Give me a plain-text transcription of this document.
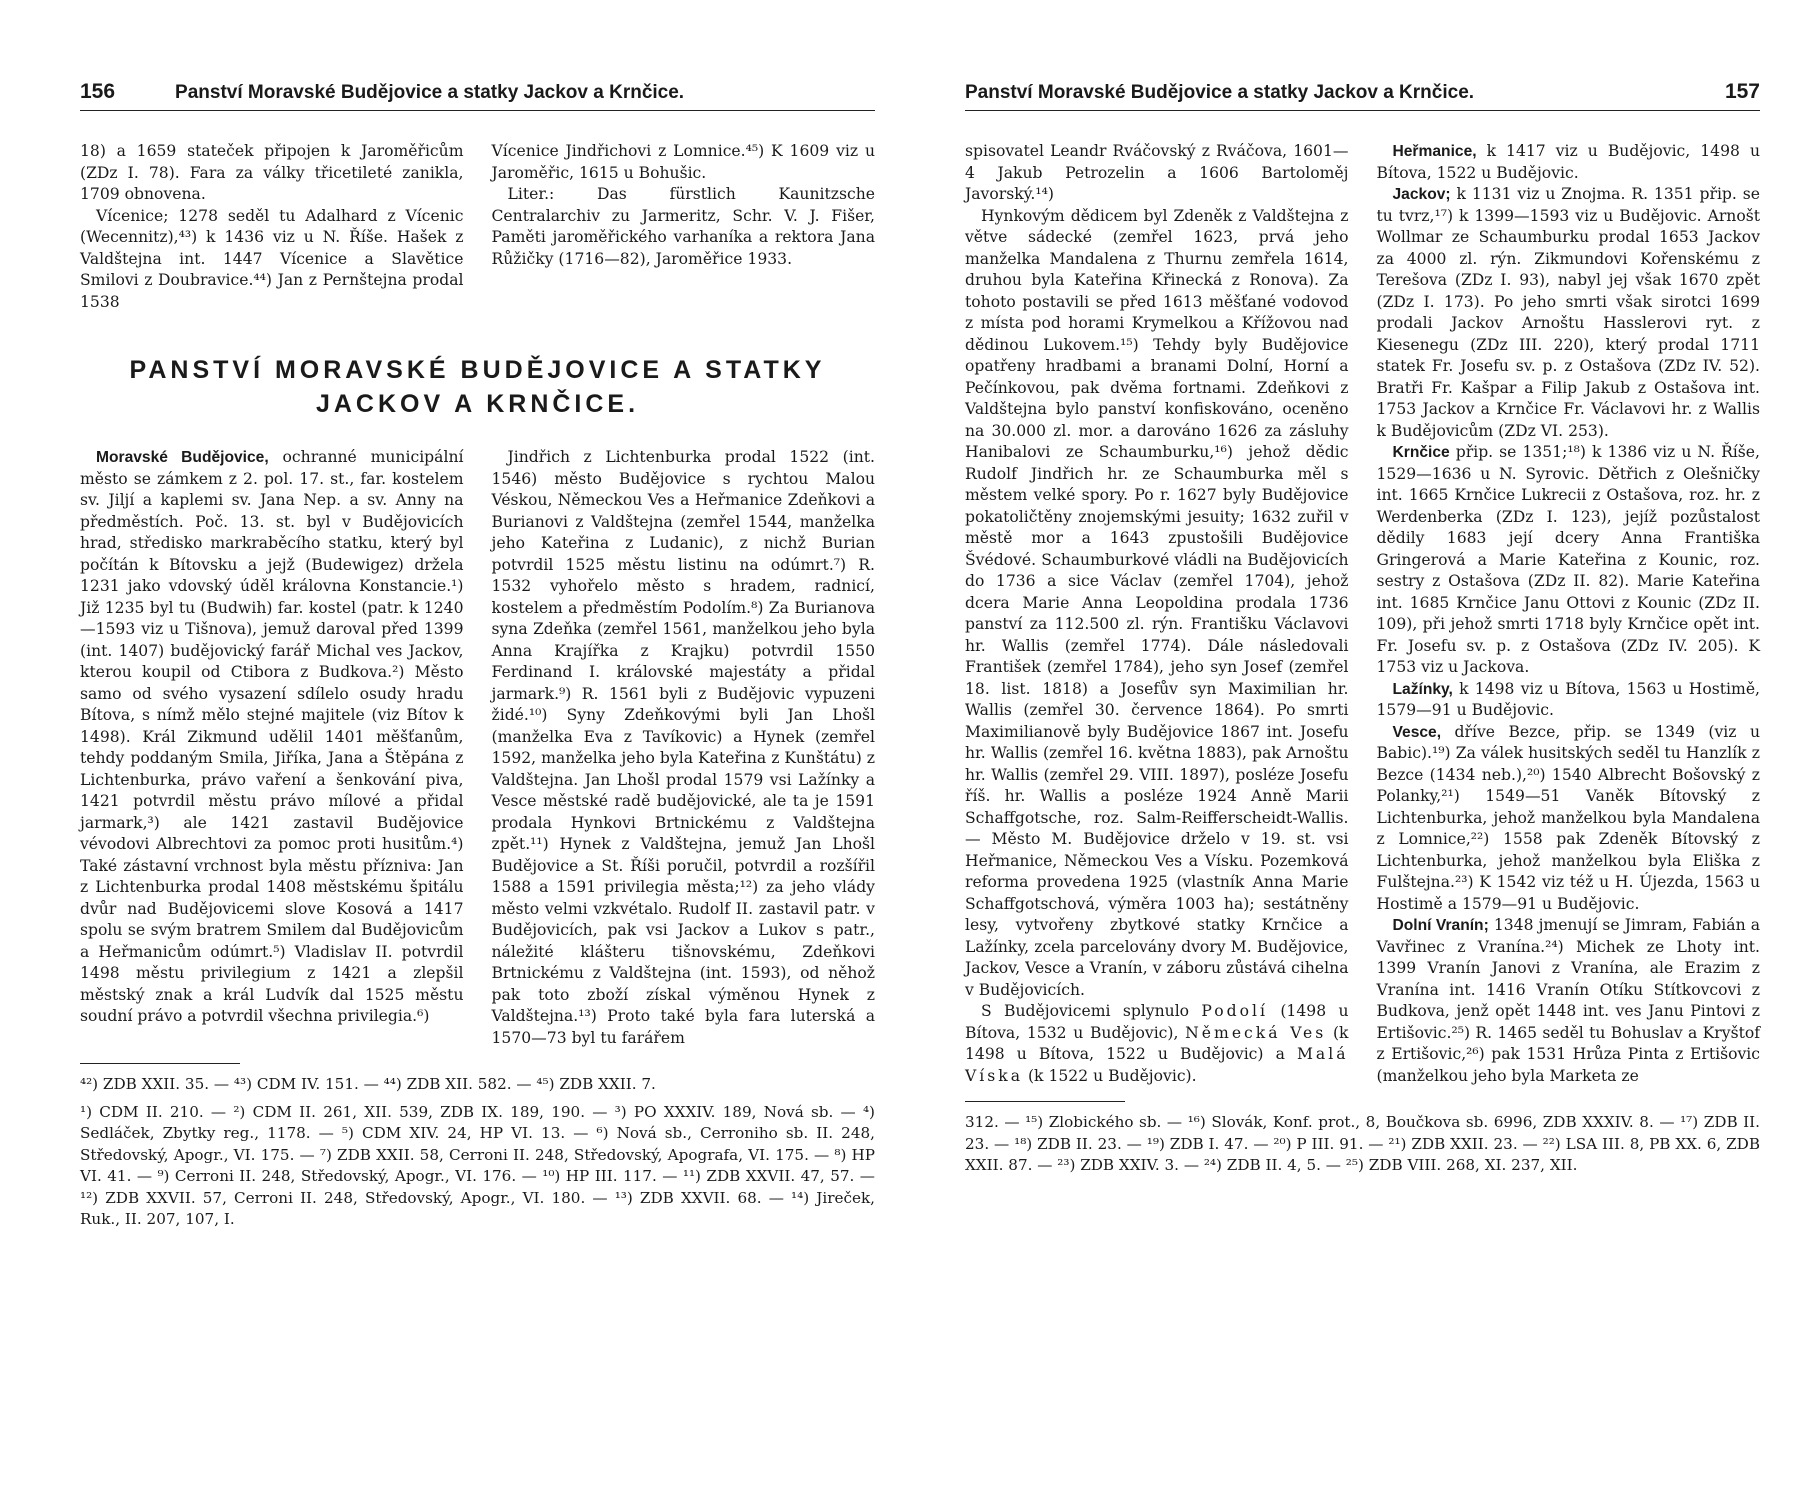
156	Panství Moravské Budějovice a statky Jackov a Krnčice.

18) a 1659 stateček připojen k Jaroměřicům (ZDz I. 78). Fara za války třicetileté zanikla, 1709 obnovena.

Vícenice; 1278 seděl tu Adalhard z Vícenic (Wecennitz),⁴³) k 1436 viz u N. Říše. Hašek z Valdštejna int. 1447 Vícenice a Slavětice Smilovi z Doubravice.⁴⁴) Jan z Pernštejna prodal 1538

Vícenice Jindřichovi z Lomnice.⁴⁵) K 1609 viz u Jaroměřic, 1615 u Bohušic.

Liter.: Das fürstlich Kaunitzsche Centralarchiv zu Jarmeritz, Schr. V. J. Fišer, Paměti jaroměřického varhaníka a rektora Jana Růžičky (1716—82), Jaroměřice 1933.

PANSTVÍ MORAVSKÉ BUDĚJOVICE A STATKY
JACKOV A KRNČICE.

Moravské Budějovice, ochranné municipální město se zámkem z 2. pol. 17. st., far. kostelem sv. Jiljí a kaplemi sv. Jana Nep. a sv. Anny na předměstích. Poč. 13. st. byl v Budějovicích hrad, středisko markraběcího statku, který byl počítán k Bítovsku a jejž (Budewigez) držela 1231 jako vdovský úděl královna Konstancie.¹) Již 1235 byl tu (Budwih) far. kostel (patr. k 1240—1593 viz u Tišnova), jemuž daroval před 1399 (int. 1407) budějovický farář Michal ves Jackov, kterou koupil od Ctibora z Budkova.²) Město samo od svého vysazení sdílelo osudy hradu Bítova, s nímž mělo stejné majitele (viz Bítov k 1498). Král Zikmund udělil 1401 měšťanům, tehdy poddaným Smila, Jiříka, Jana a Štěpána z Lichtenburka, právo vaření a šenkování piva, 1421 potvrdil městu právo mílové a přidal jarmark,³) ale 1421 zastavil Budějovice vévodovi Albrechtovi za pomoc proti husitům.⁴) Také zástavní vrchnost byla městu příznivа: Jan z Lichtenburka prodal 1408 městskému špitálu dvůr nad Budějovicemi slove Kosová a 1417 spolu se svým bratrem Smilem dal Budějovicům a Heřmanicům odúmrt.⁵) Vladislav II. potvrdil 1498 městu privilegium z 1421 a zlepšil městský znak a král Ludvík dal 1525 městu soudní právo a potvrdil všechna privilegia.⁶)

Jindřich z Lichtenburka prodal 1522 (int. 1546) město Budějovice s rychtou Malou Véskou, Německou Ves a Heřmanice Zdeňkovi a Burianovi z Valdštejna (zemřel 1544, manželka jeho Kateřina z Ludanic), z nichž Burian potvrdil 1525 městu listinu na odúmrt.⁷) R. 1532 vyhořelo město s hradem, radnicí, kostelem a předměstím Podolím.⁸) Za Burianova syna Zdeňka (zemřel 1561, manželkou jeho byla Anna Krajířka z Krajku) potvrdil 1550 Ferdinand I. královské majestáty a přidal jarmark.⁹) R. 1561 byli z Budějovic vypuzeni židé.¹⁰) Syny Zdeňkovými byli Jan Lhošl (manželka Eva z Tavíkovic) a Hynek (zemřel 1592, manželka jeho byla Kateřina z Kunštátu) z Valdštejna. Jan Lhošl prodal 1579 vsi Lažínky a Vesce městské radě budějovické, ale ta je 1591 prodala Hynkovi Brtnickému z Valdštejna zpět.¹¹) Hynek z Valdštejna, jemuž Jan Lhošl Budějovice a St. Říši poručil, potvrdil a rozšířil 1588 a 1591 privilegia města;¹²) za jeho vlády město velmi vzkvétalo. Rudolf II. zastavil patr. v Budějovicích, pak vsi Jackov a Lukov s patr., náležité klášteru tišnovskému, Zdeňkovi Brtnickému z Valdštejna (int. 1593), od něhož pak toto zboží získal výměnou Hynek z Valdštejna.¹³) Proto také byla fara luterská a 1570—73 byl tu farářem

⁴²) ZDB XXII. 35. — ⁴³) CDM IV. 151. — ⁴⁴) ZDB XII. 582. — ⁴⁵) ZDB XXII. 7.

¹) CDM II. 210. — ²) CDM II. 261, XII. 539, ZDB IX. 189, 190. — ³) PO XXXIV. 189, Nová sb. — ⁴) Sedláček, Zbytky reg., 1178. — ⁵) CDM XIV. 24, HP VI. 13. — ⁶) Nová sb., Cerroniho sb. II. 248, Středovský, Apogr., VI. 175. — ⁷) ZDB XXII. 58, Cerroni II. 248, Středovský, Apografa, VI. 175. — ⁸) HP VI. 41. — ⁹) Cerroni II. 248, Středovský, Apogr., VI. 176. — ¹⁰) HP III. 117. — ¹¹) ZDB XXVII. 47, 57. — ¹²) ZDB XXVII. 57, Cerroni II. 248, Středovský, Apogr., VI. 180. — ¹³) ZDB XXVII. 68. — ¹⁴) Jireček, Ruk., II. 207, 107, I.

Panství Moravské Budějovice a statky Jackov a Krnčice.	157

spisovatel Leandr Rváčovský z Rváčova, 1601—4 Jakub Petrozelin a 1606 Bartoloměj Javorský.¹⁴)

Hynkovým dědicem byl Zdeněk z Valdštejna z větve sádecké (zemřel 1623, prvá jeho manželka Mandalena z Thurnu zemřela 1614, druhou byla Kateřina Křinecká z Ronova). Za tohoto postavili se před 1613 měšťané vodovod z místa pod horami Krymelkou a Křížovou nad dědinou Lukovem.¹⁵) Tehdy byly Budějovice opatřeny hradbami a branami Dolní, Horní a Pečínkovou, pak dvěma fortnami. Zdeňkovi z Valdštejna bylo panství konfiskováno, oceněno na 30.000 zl. mor. a darováno 1626 za zásluhy Hanibalovi ze Schaumburku,¹⁶) jehož dědic Rudolf Jindřich hr. ze Schaumburka měl s městem velké spory. Po r. 1627 byly Budějovice pokatoličtěny znojemskými jesuity; 1632 zuřil v městě mor a 1643 zpustošili Budějovice Švédové. Schaumburkové vládli na Budějovicích do 1736 a sice Václav (zemřel 1704), jehož dcera Marie Anna Leopoldina prodala 1736 panství za 112.500 zl. rýn. Františku Václavovi hr. Wallis (zemřel 1774). Dále následovali František (zemřel 1784), jeho syn Josef (zemřel 18. list. 1818) a Josefův syn Maximilian hr. Wallis (zemřel 30. července 1864). Po smrti Maximilianově byly Budějovice 1867 int. Josefu hr. Wallis (zemřel 16. května 1883), pak Arnoštu hr. Wallis (zemřel 29. VIII. 1897), posléze Josefu říš. hr. Wallis a posléze 1924 Anně Marii Schaffgotsche, roz. Salm-Reifferscheidt-Wallis. — Město M. Budějovice drželo v 19. st. vsi Heřmanice, Německou Ves a Vísku. Pozemková reforma provedena 1925 (vlastník Anna Marie Schaffgotschová, výměra 1003 ha); sestátněny lesy, vytvořeny zbytkové statky Krnčice a Lažínky, zcela parcelovány dvory M. Budějovice, Jackov, Vesce a Vranín, v záboru zůstává cihelna v Budějovicích.

S Budějovicemi splynulo Podolí (1498 u Bítova, 1532 u Budějovic), Německá Ves (k 1498 u Bítova, 1522 u Budějovic) a Malá Víska (k 1522 u Budějovic).

Heřmanice, k 1417 viz u Budějovic, 1498 u Bítova, 1522 u Budějovic.

Jackov; k 1131 viz u Znojma. R. 1351 přip. se tu tvrz,¹⁷) k 1399—1593 viz u Budějovic. Arnošt Wollmar ze Schaumburku prodal 1653 Jackov za 4000 zl. rýn. Zikmundovi Kořenskému z Terešova (ZDz I. 93), nabyl jej však 1670 zpět (ZDz I. 173). Po jeho smrti však sirotci 1699 prodali Jackov Arnoštu Hasslerovi ryt. z Kiesenegu (ZDz III. 220), který prodal 1711 statek Fr. Josefu sv. p. z Ostašova (ZDz IV. 52). Bratři Fr. Kašpar a Filip Jakub z Ostašova int. 1753 Jackov a Krnčice Fr. Václavovi hr. z Wallis k Budějovicům (ZDz VI. 253).

Krnčice přip. se 1351;¹⁸) k 1386 viz u N. Říše, 1529—1636 u N. Syrovic. Dětřich z Olešničky int. 1665 Krnčice Lukrecii z Ostašova, roz. hr. z Werdenberka (ZDz I. 123), jejíž pozůstalost dědily 1683 její dcery Anna Františka Gringerová a Marie Kateřina z Kounic, roz. sestry z Ostašova (ZDz II. 82). Marie Kateřina int. 1685 Krnčice Janu Ottovi z Kounic (ZDz II. 109), při jehož smrti 1718 byly Krnčice opět int. Fr. Josefu sv. p. z Ostašova (ZDz IV. 205). K 1753 viz u Jackova.

Lažínky, k 1498 viz u Bítova, 1563 u Hostimě, 1579—91 u Budějovic.

Vesce, dříve Bezce, přip. se 1349 (viz u Babic).¹⁹) Za válek husitských seděl tu Hanzlík z Bezce (1434 neb.),²⁰) 1540 Albrecht Bošovský z Polanky,²¹) 1549—51 Vaněk Bítovský z Lichtenburka, jehož manželkou byla Mandalena z Lomnice,²²) 1558 pak Zdeněk Bítovský z Lichtenburka, jehož manželkou byla Eliška z Fulštejna.²³) K 1542 viz též u H. Újezda, 1563 u Hostimě a 1579—91 u Budějovic.

Dolní Vranín; 1348 jmenují se Jimram, Fabián a Vavřinec z Vranína.²⁴) Michek ze Lhoty int. 1399 Vranín Janovi z Vranína, ale Erazim z Vranína int. 1416 Vranín Otíku Stítkovcovi z Budkova, jenž opět 1448 int. ves Janu Pintovi z Ertišovic.²⁵) R. 1465 seděl tu Bohuslav a Kryštof z Ertišovic,²⁶) pak 1531 Hrůza Pinta z Ertišovic (manželkou jeho byla Marketa ze

312. — ¹⁵) Zlobického sb. — ¹⁶) Slovák, Konf. prot., 8, Boučkova sb. 6996, ZDB XXXIV. 8. — ¹⁷) ZDB II. 23. — ¹⁸) ZDB II. 23. — ¹⁹) ZDB I. 47. — ²⁰) P III. 91. — ²¹) ZDB XXII. 23. — ²²) LSA III. 8, PB XX. 6, ZDB XXII. 87. — ²³) ZDB XXIV. 3. — ²⁴) ZDB II. 4, 5. — ²⁵) ZDB VIII. 268, XI. 237, XII.
